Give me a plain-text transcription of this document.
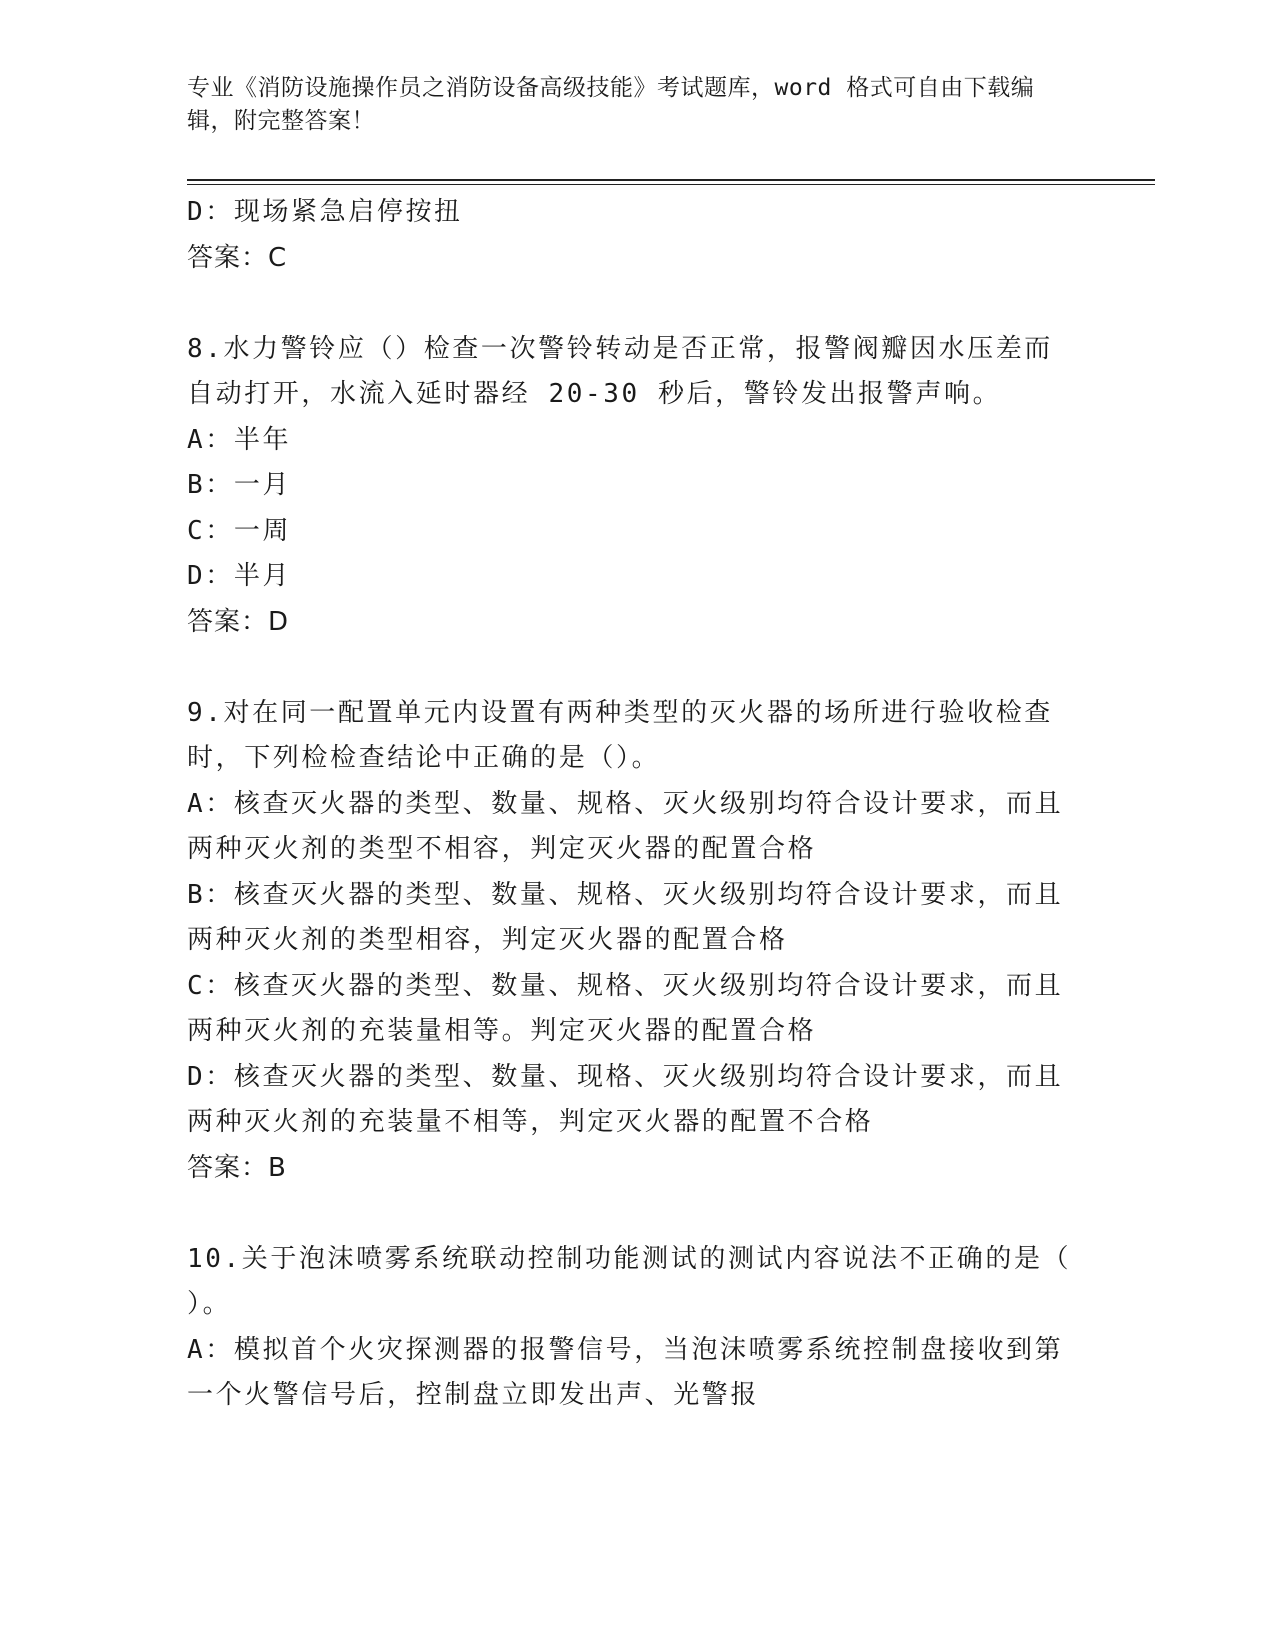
专业《消防设施操作员之消防设备高级技能》考试题库，word 格式可自由下载编
辑，附完整答案！
D：现场紧急启停按扭
答案：C
8.水力警铃应（）检查一次警铃转动是否正常，报警阀瓣因水压差而
自动打开，水流入延时器经 20-30 秒后，警铃发出报警声响。
A：半年
B：一月
C：一周
D：半月
答案：D
9.对在同一配置单元内设置有两种类型的灭火器的场所进行验收检查
时，下列检检查结论中正确的是（）。
A：核查灭火器的类型、数量、规格、灭火级别均符合设计要求，而且
两种灭火剂的类型不相容，判定灭火器的配置合格
B：核查灭火器的类型、数量、规格、灭火级别均符合设计要求，而且
两种灭火剂的类型相容，判定灭火器的配置合格
C：核查灭火器的类型、数量、规格、灭火级别均符合设计要求，而且
两种灭火剂的充装量相等。判定灭火器的配置合格
D：核查灭火器的类型、数量、现格、灭火级别均符合设计要求，而且
两种灭火剂的充装量不相等，判定灭火器的配置不合格
答案：B
10.关于泡沫喷雾系统联动控制功能测试的测试内容说法不正确的是（
）。
A：模拟首个火灾探测器的报警信号，当泡沫喷雾系统控制盘接收到第
一个火警信号后，控制盘立即发出声、光警报
